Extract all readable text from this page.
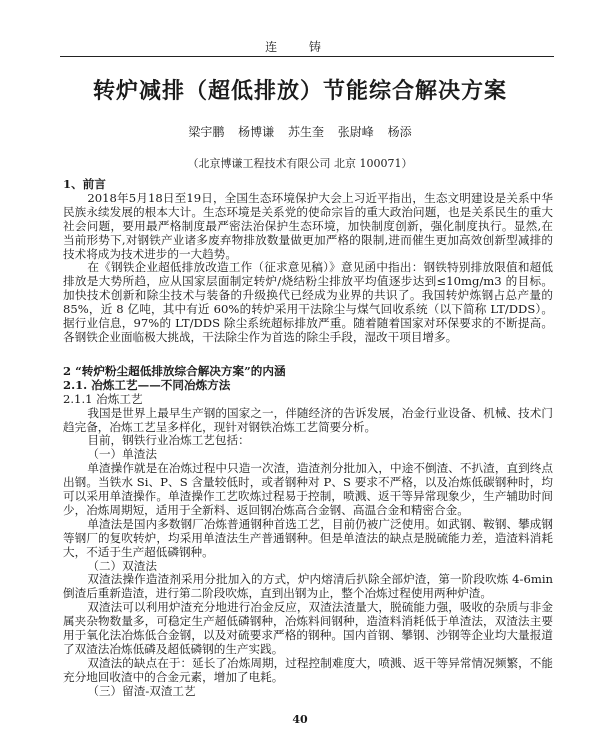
连 铸
转炉减排（超低排放）节能综合解决方案
梁宇鹏 杨博谦 苏生奎 张尉峰 杨添
（北京博谦工程技术有限公司 北京 100071）

1、前言

2018年5月18日至19日，全国生态环境保护大会上习近平指出，生态文明建设是关系中华民族永续发展的根本大计。生态环境是关系党的使命宗旨的重大政治问题，也是关系民生的重大社会问题，要用最严格制度最严密法治保护生态环境，加快制度创新，强化制度执行。显然,在当前形势下,对钢铁产业诸多废弃物排放数量做更加严格的限制,进而催生更加高效创新型减排的技术将成为技术进步的一大趋势。

在《钢铁企业超低排放改造工作（征求意见稿）》意见函中指出：钢铁特别排放限值和超低排放是大势所趋，应从国家层面制定转炉/烧结粉尘排放平均值逐步达到≤10mg/m3 的目标。加快技术创新和除尘技术与装备的升级换代已经成为业界的共识了。我国转炉炼钢占总产量的 85%，近 8 亿吨，其中有近 60%的转炉采用干法除尘与煤气回收系统（以下简称 LT/DDS）。据行业信息，97%的 LT/DDS 除尘系统超标排放严重。随着随着国家对环保要求的不断提高。各钢铁企业面临极大挑战，干法除尘作为首选的除尘手段，湿改干项目增多。

2 “转炉粉尘超低排放综合解决方案”的内涵

2.1. 冶炼工艺——不同冶炼方法

2.1.1 冶炼工艺

我国是世界上最早生产钢的国家之一，伴随经济的告诉发展，冶金行业设备、机械、技术门趋完备，冶炼工艺呈多样化，现针对钢铁冶炼工艺简要分析。

目前，钢铁行业冶炼工艺包括：

（一）单渣法

单渣操作就是在冶炼过程中只造一次渣，造渣剂分批加入，中途不倒渣、不扒渣，直到终点出钢。当铁水 Si、P、S 含量较低时，或者钢种对 P、S 要求不严格，以及冶炼低碳钢种时，均可以采用单渣操作。单渣操作工艺吹炼过程易于控制，喷溅、返干等异常现象少，生产辅助时间少，冶炼周期短，适用于全新料、返回钢冶炼高合金钢、高温合金和精密合金。

单渣法是国内多数钢厂冶炼普通钢种首选工艺，目前仍被广泛使用。如武钢、鞍钢、攀成钢等钢厂的复吹转炉，均采用单渣法生产普通钢种。但是单渣法的缺点是脱硫能力差，造渣料消耗大，不适于生产超低磷钢种。

（二）双渣法

双渣法操作造渣剂采用分批加入的方式，炉内熔清后扒除全部炉渣，第一阶段吹炼 4-6min 倒渣后重新造渣，进行第二阶段吹炼，直到出钢为止，整个冶炼过程使用两种炉渣。

双渣法可以利用炉渣充分地进行冶金反应，双渣法渣量大，脱硫能力强，吸收的杂质与非金属夹杂物数量多，可稳定生产超低磷钢种，冶炼料间钢种，造渣料消耗低于单渣法，双渣法主要用于氧化法冶炼低合金钢，以及对硫要求严格的钢种。国内首钢、攀钢、沙钢等企业均大量报道了双渣法冶炼低磷及超低磷钢的生产实践。

双渣法的缺点在于：延长了冶炼周期，过程控制难度大，喷溅、返干等异常情况频繁，不能充分地回收渣中的合金元素，增加了电耗。

（三）留渣-双渣工艺

40
